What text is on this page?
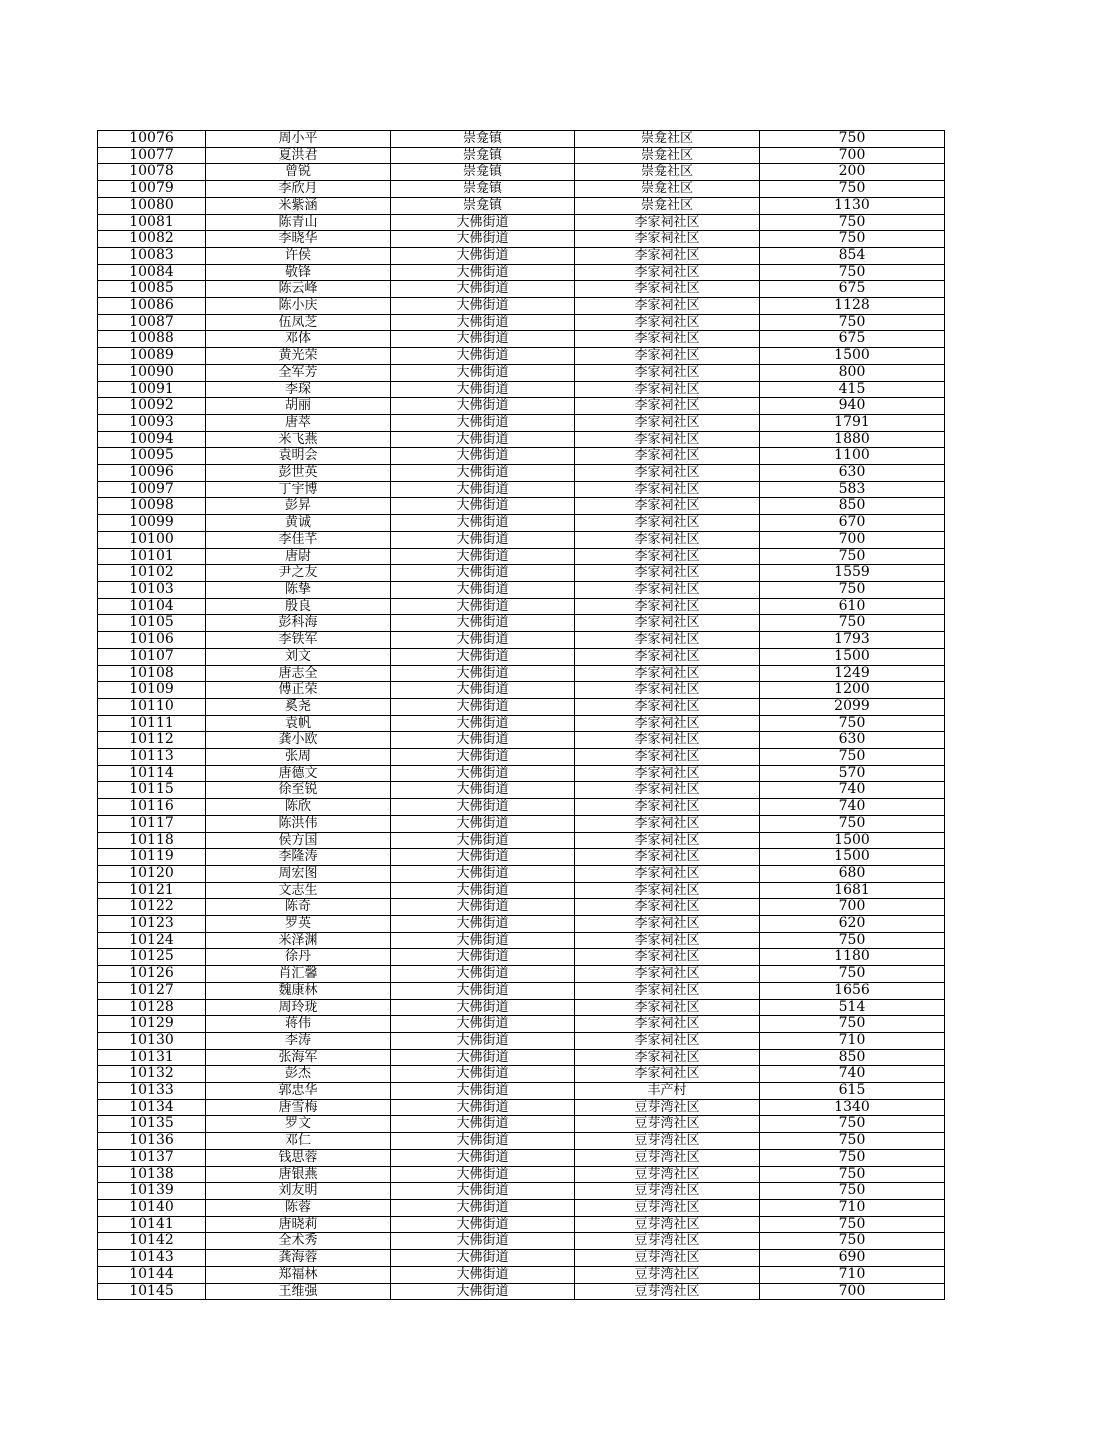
10076	周小平	崇龛镇	崇龛社区	750
10077	夏洪君	崇龛镇	崇龛社区	700
10078	曾锐	崇龛镇	崇龛社区	200
10079	李欣月	崇龛镇	崇龛社区	750
10080	米紫涵	崇龛镇	崇龛社区	1130
10081	陈青山	大佛街道	李家祠社区	750
10082	李晓华	大佛街道	李家祠社区	750
10083	许侯	大佛街道	李家祠社区	854
10084	敬锋	大佛街道	李家祠社区	750
10085	陈云峰	大佛街道	李家祠社区	675
10086	陈小庆	大佛街道	李家祠社区	1128
10087	伍凤芝	大佛街道	李家祠社区	750
10088	邓体	大佛街道	李家祠社区	675
10089	黄光荣	大佛街道	李家祠社区	1500
10090	全军芳	大佛街道	李家祠社区	800
10091	李琛	大佛街道	李家祠社区	415
10092	胡丽	大佛街道	李家祠社区	940
10093	唐萃	大佛街道	李家祠社区	1791
10094	米飞燕	大佛街道	李家祠社区	1880
10095	袁明会	大佛街道	李家祠社区	1100
10096	彭世英	大佛街道	李家祠社区	630
10097	丁宇博	大佛街道	李家祠社区	583
10098	彭昇	大佛街道	李家祠社区	850
10099	黄诚	大佛街道	李家祠社区	670
10100	李佳芊	大佛街道	李家祠社区	700
10101	唐尉	大佛街道	李家祠社区	750
10102	尹之友	大佛街道	李家祠社区	1559
10103	陈挚	大佛街道	李家祠社区	750
10104	殷良	大佛街道	李家祠社区	610
10105	彭科海	大佛街道	李家祠社区	750
10106	李铁军	大佛街道	李家祠社区	1793
10107	刘文	大佛街道	李家祠社区	1500
10108	唐志全	大佛街道	李家祠社区	1249
10109	傅正荣	大佛街道	李家祠社区	1200
10110	奚尧	大佛街道	李家祠社区	2099
10111	袁帆	大佛街道	李家祠社区	750
10112	龚小欧	大佛街道	李家祠社区	630
10113	张周	大佛街道	李家祠社区	750
10114	唐德文	大佛街道	李家祠社区	570
10115	徐至锐	大佛街道	李家祠社区	740
10116	陈欣	大佛街道	李家祠社区	740
10117	陈洪伟	大佛街道	李家祠社区	750
10118	侯方国	大佛街道	李家祠社区	1500
10119	李隆涛	大佛街道	李家祠社区	1500
10120	周宏图	大佛街道	李家祠社区	680
10121	文志生	大佛街道	李家祠社区	1681
10122	陈奇	大佛街道	李家祠社区	700
10123	罗英	大佛街道	李家祠社区	620
10124	米泽渊	大佛街道	李家祠社区	750
10125	徐丹	大佛街道	李家祠社区	1180
10126	肖汇馨	大佛街道	李家祠社区	750
10127	魏康林	大佛街道	李家祠社区	1656
10128	周玲珑	大佛街道	李家祠社区	514
10129	蒋伟	大佛街道	李家祠社区	750
10130	李涛	大佛街道	李家祠社区	710
10131	张海军	大佛街道	李家祠社区	850
10132	彭杰	大佛街道	李家祠社区	740
10133	郭忠华	大佛街道	丰产村	615
10134	唐雪梅	大佛街道	豆芽湾社区	1340
10135	罗文	大佛街道	豆芽湾社区	750
10136	邓仁	大佛街道	豆芽湾社区	750
10137	钱思蓉	大佛街道	豆芽湾社区	750
10138	唐银燕	大佛街道	豆芽湾社区	750
10139	刘友明	大佛街道	豆芽湾社区	750
10140	陈蓉	大佛街道	豆芽湾社区	710
10141	唐晓莉	大佛街道	豆芽湾社区	750
10142	全术秀	大佛街道	豆芽湾社区	750
10143	龚海蓉	大佛街道	豆芽湾社区	690
10144	郑福林	大佛街道	豆芽湾社区	710
10145	王维强	大佛街道	豆芽湾社区	700
